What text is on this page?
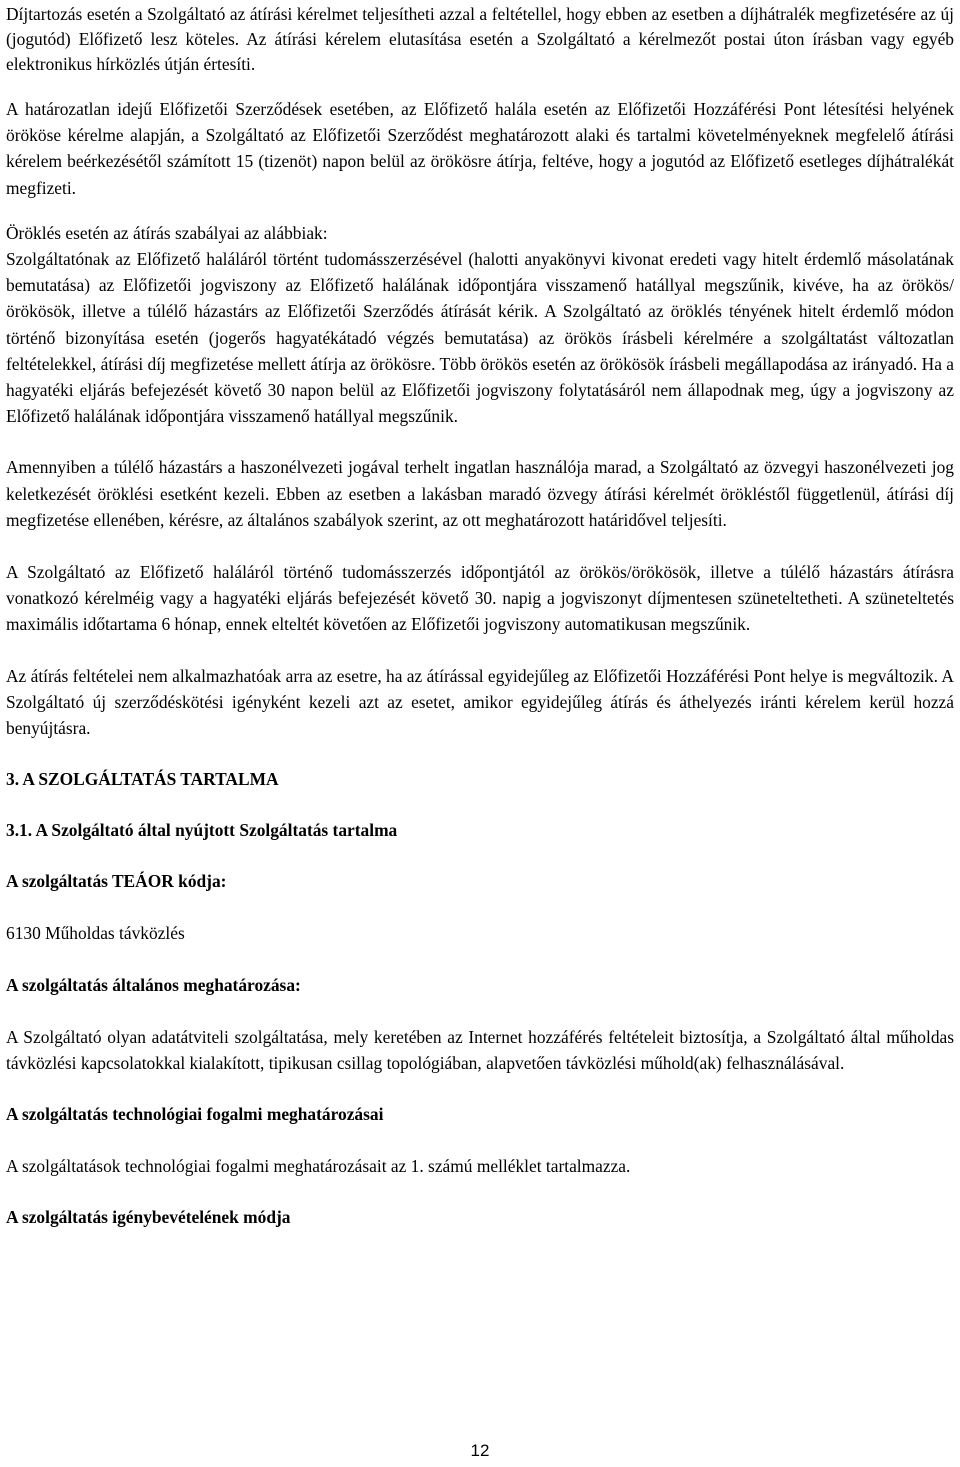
Díjtartozás esetén a Szolgáltató az átírási kérelmet teljesítheti azzal a feltétellel, hogy ebben az esetben a díjhátralék megfizetésére az új (jogutód) Előfizető lesz köteles. Az átírási kérelem elutasítása esetén a Szolgáltató a kérelmezőt postai úton írásban vagy egyéb elektronikus hírközlés útján értesíti.

A határozatlan idejű Előfizetői Szerződések esetében, az Előfizető halála esetén az Előfizetői Hozzáférési Pont létesítési helyének örököse kérelme alapján, a Szolgáltató az Előfizetői Szerződést meghatározott alaki és tartalmi követelményeknek megfelelő átírási kérelem beérkezésétől számított 15 (tizenöt) napon belül az örökösre átírja, feltéve, hogy a jogutód az Előfizető esetleges díjhátralékát megfizeti.

Öröklés esetén az átírás szabályai az alábbiak:
Szolgáltatónak az Előfizető haláláról történt tudomásszerzésével (halotti anyakönyvi kivonat eredeti vagy hitelt érdemlő másolatának bemutatása) az Előfizetői jogviszony az Előfizető halálának időpontjára visszamenő hatállyal megszűnik, kivéve, ha az örökös/örökösök, illetve a túlélő házastárs az Előfizetői Szerződés átírását kérik. A Szolgáltató az öröklés tényének hitelt érdemlő módon történő bizonyítása esetén (jogerős hagyatékátadó végzés bemutatása) az örökös írásbeli kérelmére a szolgáltatást változatlan feltételekkel, átírási díj megfizetése mellett átírja az örökösre. Több örökös esetén az örökösök írásbeli megállapodása az irányadó. Ha a hagyatéki eljárás befejezését követő 30 napon belül az Előfizetői jogviszony folytatásáról nem állapodnak meg, úgy a jogviszony az Előfizető halálának időpontjára visszamenő hatállyal megszűnik.

Amennyiben a túlélő házastárs a haszonélvezeti jogával terhelt ingatlan használója marad, a Szolgáltató az özvegyi haszonélvezeti jog keletkezését öröklési esetként kezeli. Ebben az esetben a lakásban maradó özvegy átírási kérelmét örökléstől függetlenül, átírási díj megfizetése ellenében, kérésre, az általános szabályok szerint, az ott meghatározott határidővel teljesíti.

A Szolgáltató az Előfizető haláláról történő tudomásszerzés időpontjától az örökös/örökösök, illetve a túlélő házastárs átírásra vonatkozó kérelméig vagy a hagyatéki eljárás befejezését követő 30. napig a jogviszonyt díjmentesen szüneteltetheti. A szüneteltetés maximális időtartama 6 hónap, ennek elteltét követően az Előfizetői jogviszony automatikusan megszűnik.

Az átírás feltételei nem alkalmazhatóak arra az esetre, ha az átírással egyidejűleg az Előfizetői Hozzáférési Pont helye is megváltozik. A Szolgáltató új szerződéskötési igényként kezeli azt az esetet, amikor egyidejűleg átírás és áthelyezés iránti kérelem kerül hozzá benyújtásra.

3. A SZOLGÁLTATÁS TARTALMA

3.1. A Szolgáltató által nyújtott Szolgáltatás tartalma

A szolgáltatás TEÁOR kódja:

6130 Műholdas távközlés

A szolgáltatás általános meghatározása:

A Szolgáltató olyan adatátviteli szolgáltatása, mely keretében az Internet hozzáférés feltételeit biztosítja, a Szolgáltató által műholdas távközlési kapcsolatokkal kialakított, tipikusan csillag topológiában, alapvetően távközlési műhold(ak) felhasználásával.

A szolgáltatás technológiai fogalmi meghatározásai

A szolgáltatások technológiai fogalmi meghatározásait az 1. számú melléklet tartalmazza.

A szolgáltatás igénybevételének módja

12
